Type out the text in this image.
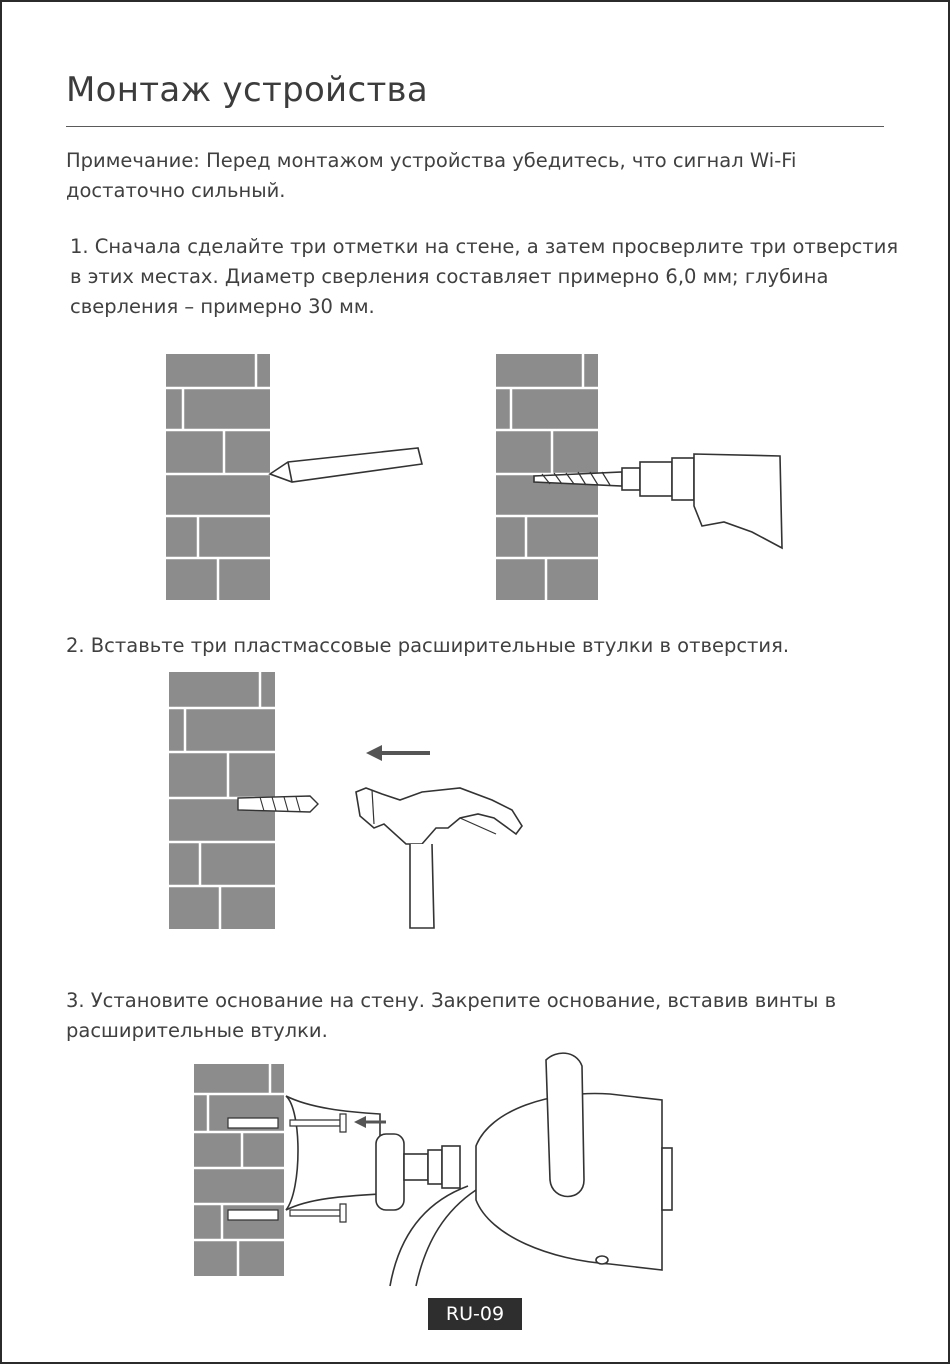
Монтаж устройства

Примечание: Перед монтажом устройства убедитесь, что сигнал Wi-Fi достаточно сильный.

1. Сначала сделайте три отметки на стене, а затем просверлите три отверстия в этих местах. Диаметр сверления составляет примерно 6,0 мм; глубина сверления – примерно 30 мм.

2. Вставьте три пластмассовые расширительные втулки в отверстия.

3. Установите основание на стену. Закрепите основание, вставив винты в расширительные втулки.

RU-09
